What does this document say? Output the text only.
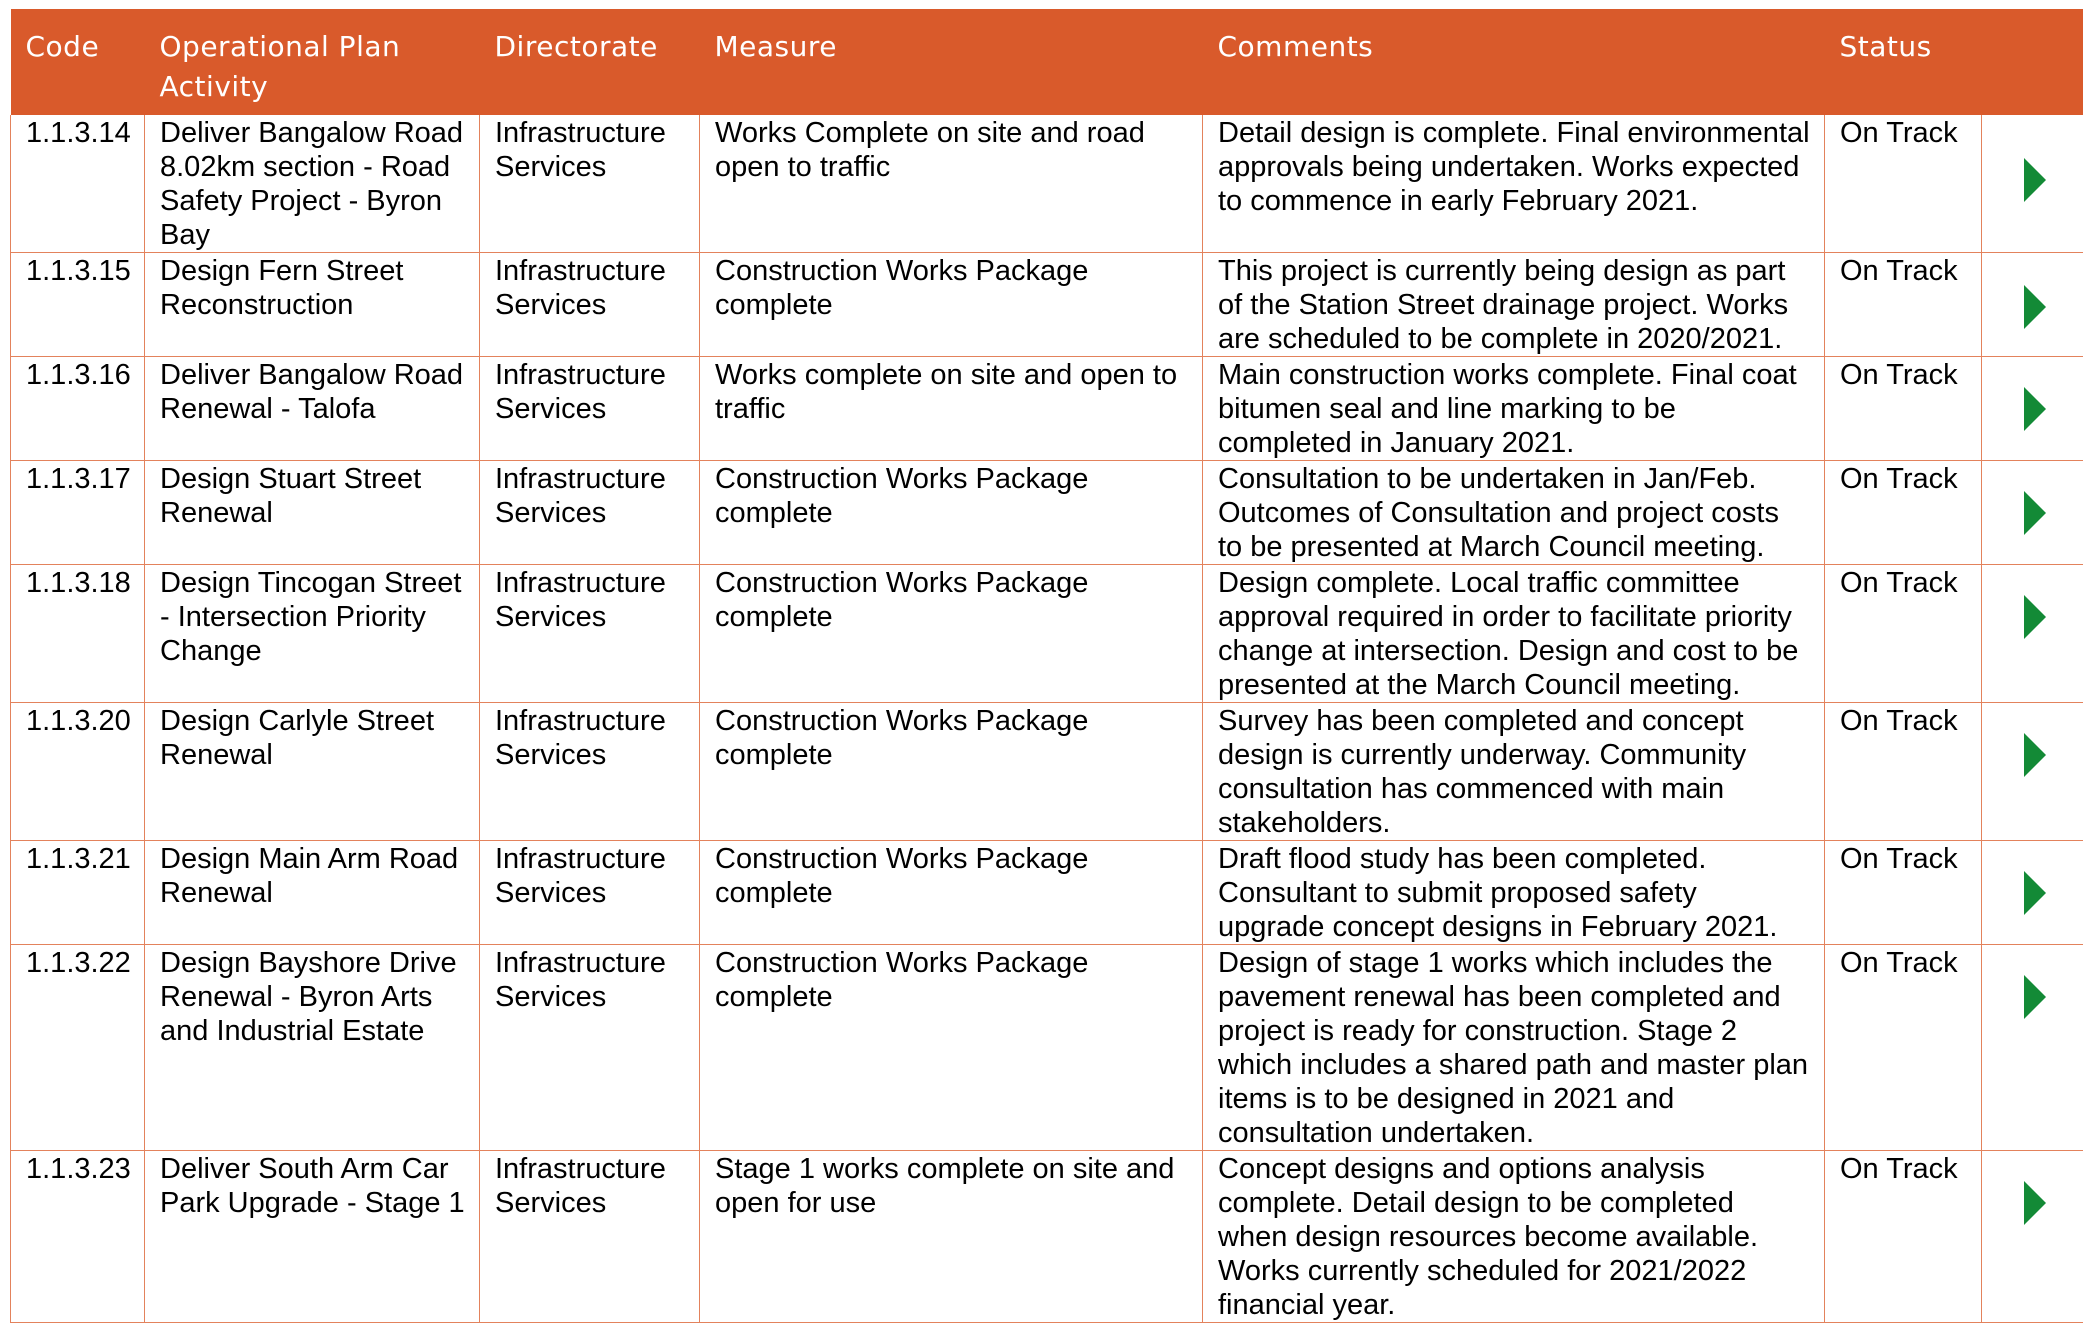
Code	Operational Plan Activity	Directorate	Measure	Comments	Status	
1.1.3.14	Deliver Bangalow Road 8.02km section - Road Safety Project - Byron Bay	Infrastructure Services	Works Complete on site and road open to traffic	Detail design is complete. Final environmental approvals being undertaken. Works expected to commence in early February 2021.	On Track	

1.1.3.15	Design Fern Street Reconstruction	Infrastructure Services	Construction Works Package complete	This project is currently being design as part of the Station Street drainage project. Works are scheduled to be complete in 2020/2021.	On Track	

1.1.3.16	Deliver Bangalow Road Renewal - Talofa	Infrastructure Services	Works complete on site and open to traffic	Main construction works complete. Final coat bitumen seal and line marking to be completed in January 2021.	On Track	

1.1.3.17	Design Stuart Street Renewal	Infrastructure Services	Construction Works Package complete	Consultation to be undertaken in Jan/Feb. Outcomes of Consultation and project costs to be presented at March Council meeting.	On Track	

1.1.3.18	Design Tincogan Street - Intersection Priority Change	Infrastructure Services	Construction Works Package complete	Design complete. Local traffic committee approval required in order to facilitate priority change at intersection. Design and cost to be presented at the March Council meeting.	On Track	

1.1.3.20	Design Carlyle Street Renewal	Infrastructure Services	Construction Works Package complete	Survey has been completed and concept design is currently underway. Community consultation has commenced with main stakeholders.	On Track	

1.1.3.21	Design Main Arm Road Renewal	Infrastructure Services	Construction Works Package complete	Draft flood study has been completed. Consultant to submit proposed safety upgrade concept designs in February 2021.	On Track	

1.1.3.22	Design Bayshore Drive Renewal - Byron Arts and Industrial Estate	Infrastructure Services	Construction Works Package complete	Design of stage 1 works which includes the pavement renewal has been completed and project is ready for construction. Stage 2 which includes a shared path and master plan items is to be designed in 2021 and consultation undertaken.	On Track	

1.1.3.23	Deliver South Arm Car Park Upgrade - Stage 1	Infrastructure Services	Stage 1 works complete on site and open for use	Concept designs and options analysis complete. Detail design to be completed when design resources become available. Works currently scheduled for 2021/2022 financial year.	On Track	
